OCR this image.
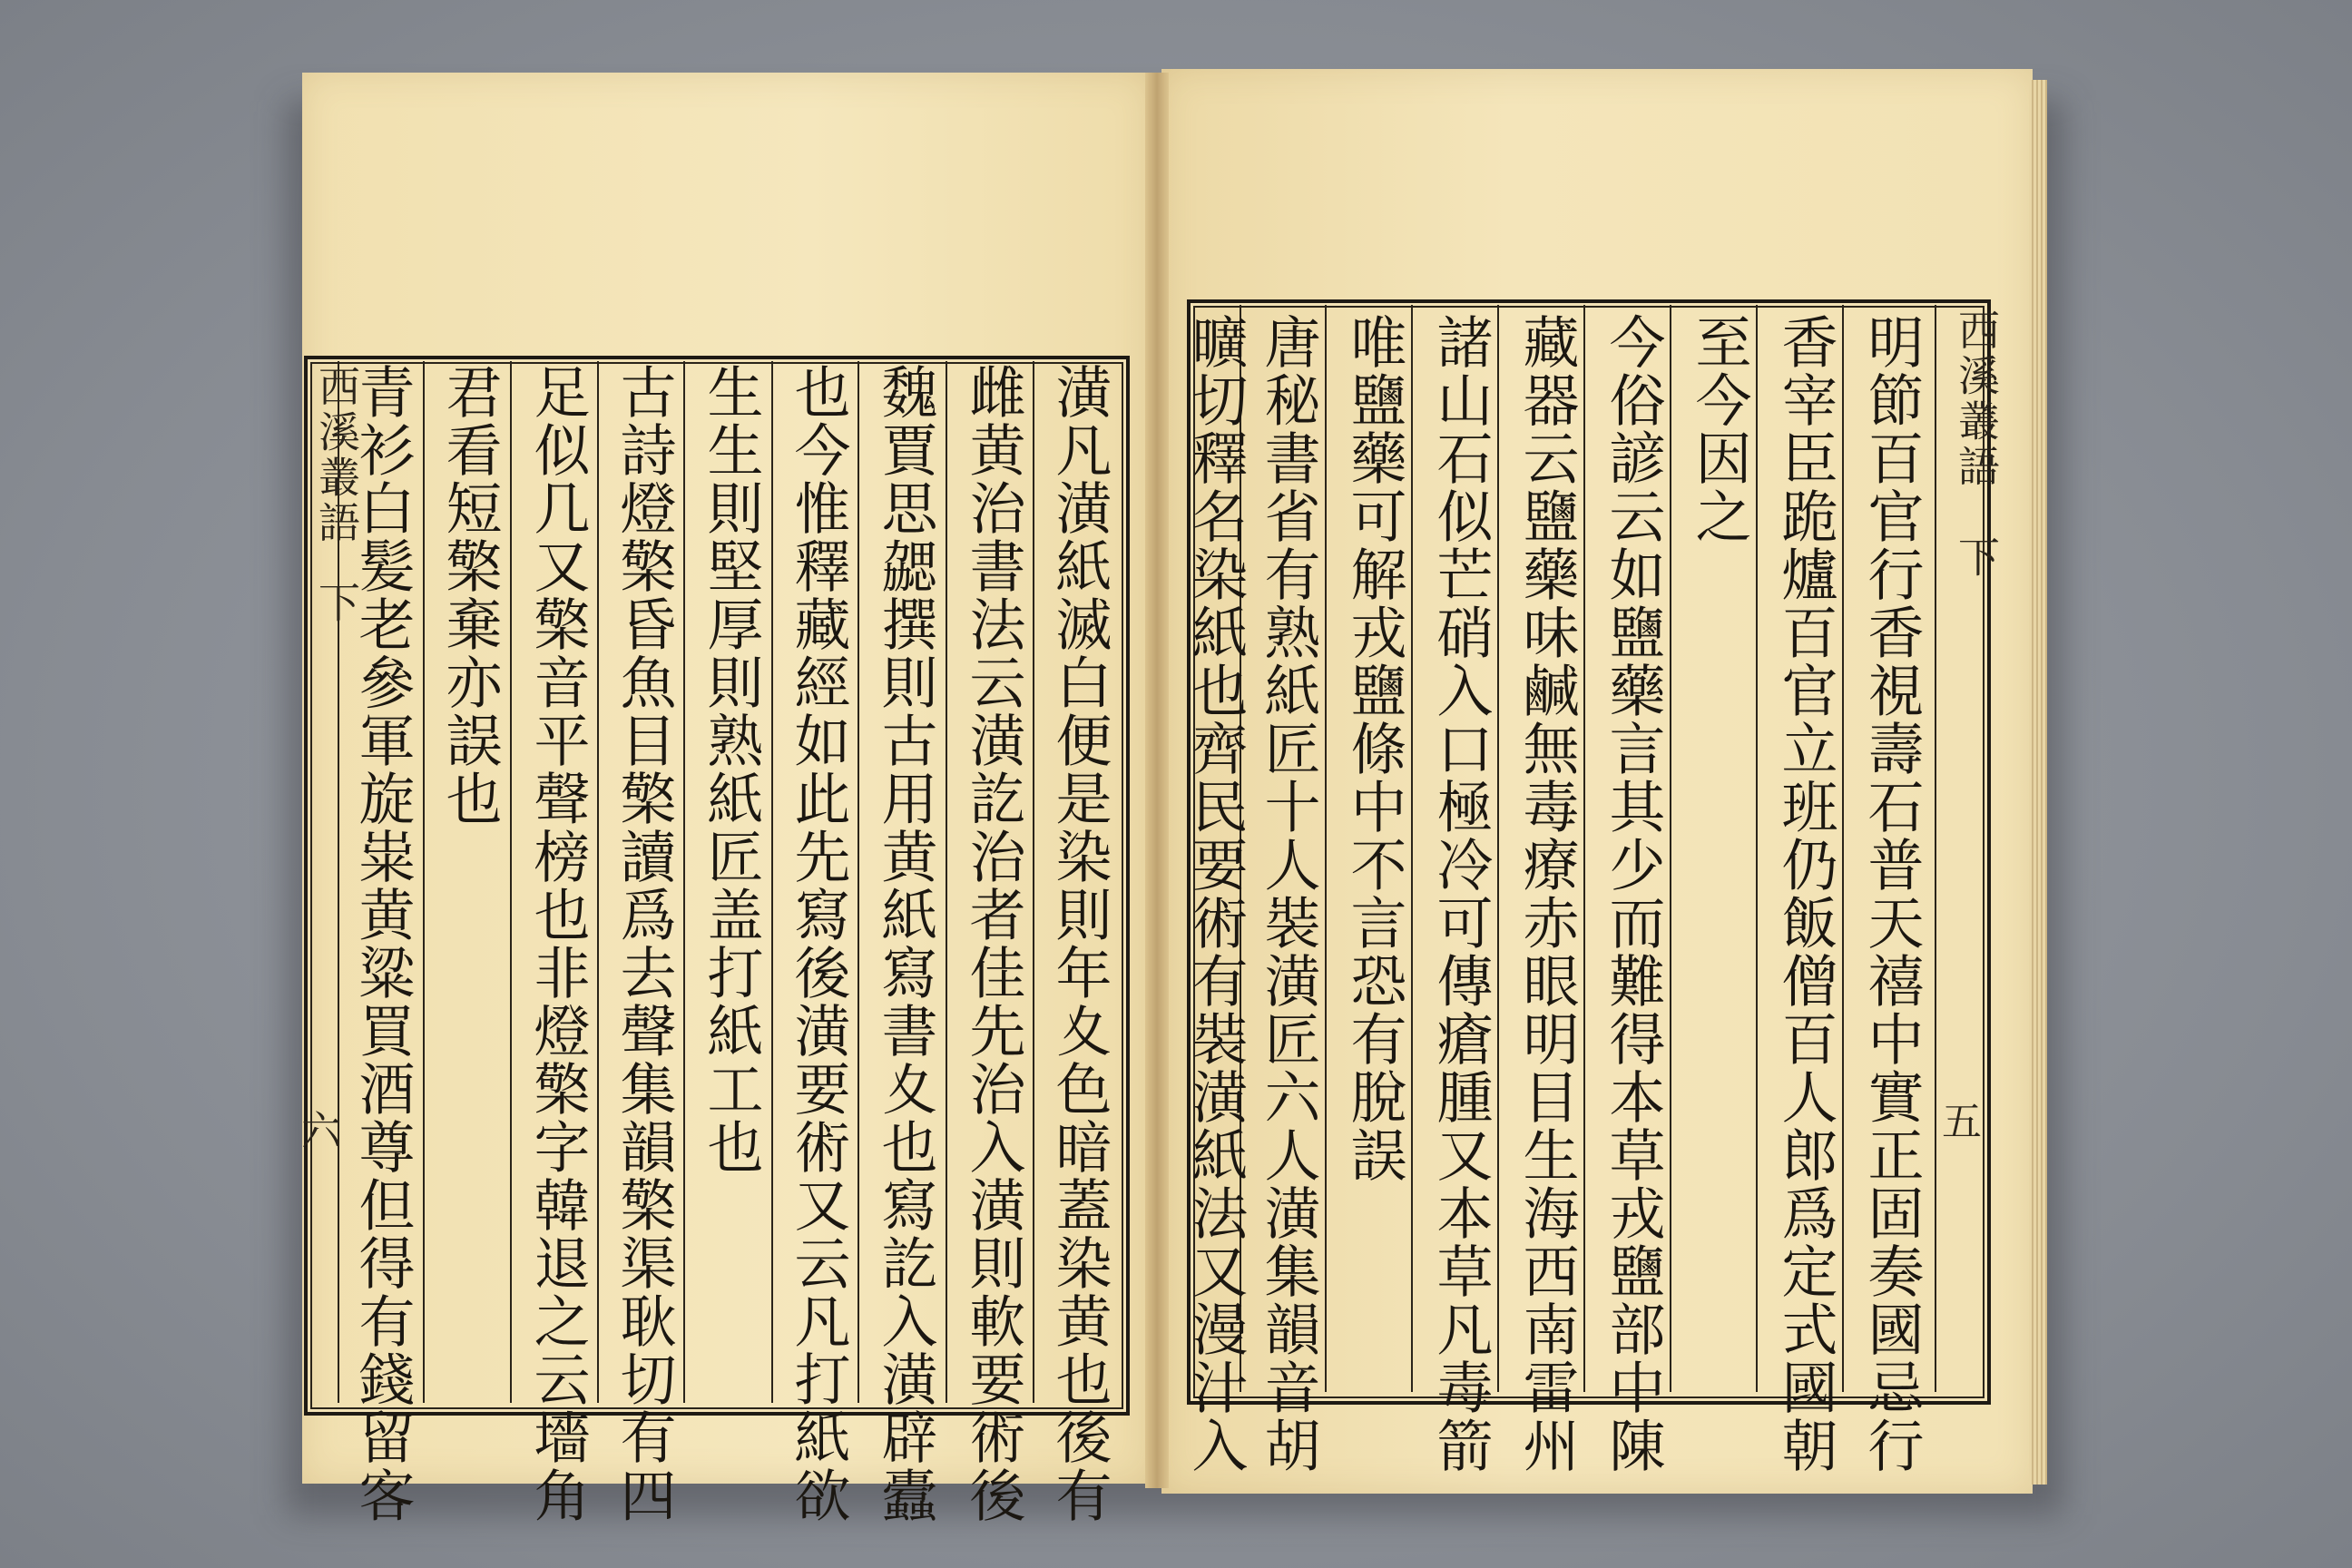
潢凡潢紙滅白便是染則年夊色暗蓋染黄也後有
雌黄治書法云潢訖治者佳先治入潢則軟要術後
魏賈思勰撰則古用黄紙寫書夊也寫訖入潢辟蠹
也今惟釋藏經如此先寫後潢要術又云凡打紙欲
生生則堅厚則熟紙匠盖打紙工也
古詩燈檠昏魚目檠讀爲去聲集韻檠渠耿切有四
足似几又檠音平聲榜也非燈檠字韓退之云墻角
君看短檠棄亦誤也
青衫白髪老參軍旋粜黄粱買酒尊但得有錢留客
西溪叢語
下
六
西溪叢語
下
五
明節百官行香視壽石普天禧中實正固奏國忌行
香宰臣跪爐百官立班仍飯僧百人郎爲定式國朝
至今因之
今俗諺云如鹽藥言其少而難得本草戎鹽部中陳
藏器云鹽藥味鹹無毒療赤眼明目生海西南雷州
諸山石似芒硝入口極冷可傳瘡腫又本草凡毒箭
唯鹽藥可解戎鹽條中不言恐有脫誤
唐秘書省有熟紙匠十人裝潢匠六人潢集韻音胡
曠切釋名染紙也齊民要術有裝潢紙法又漫汁入
